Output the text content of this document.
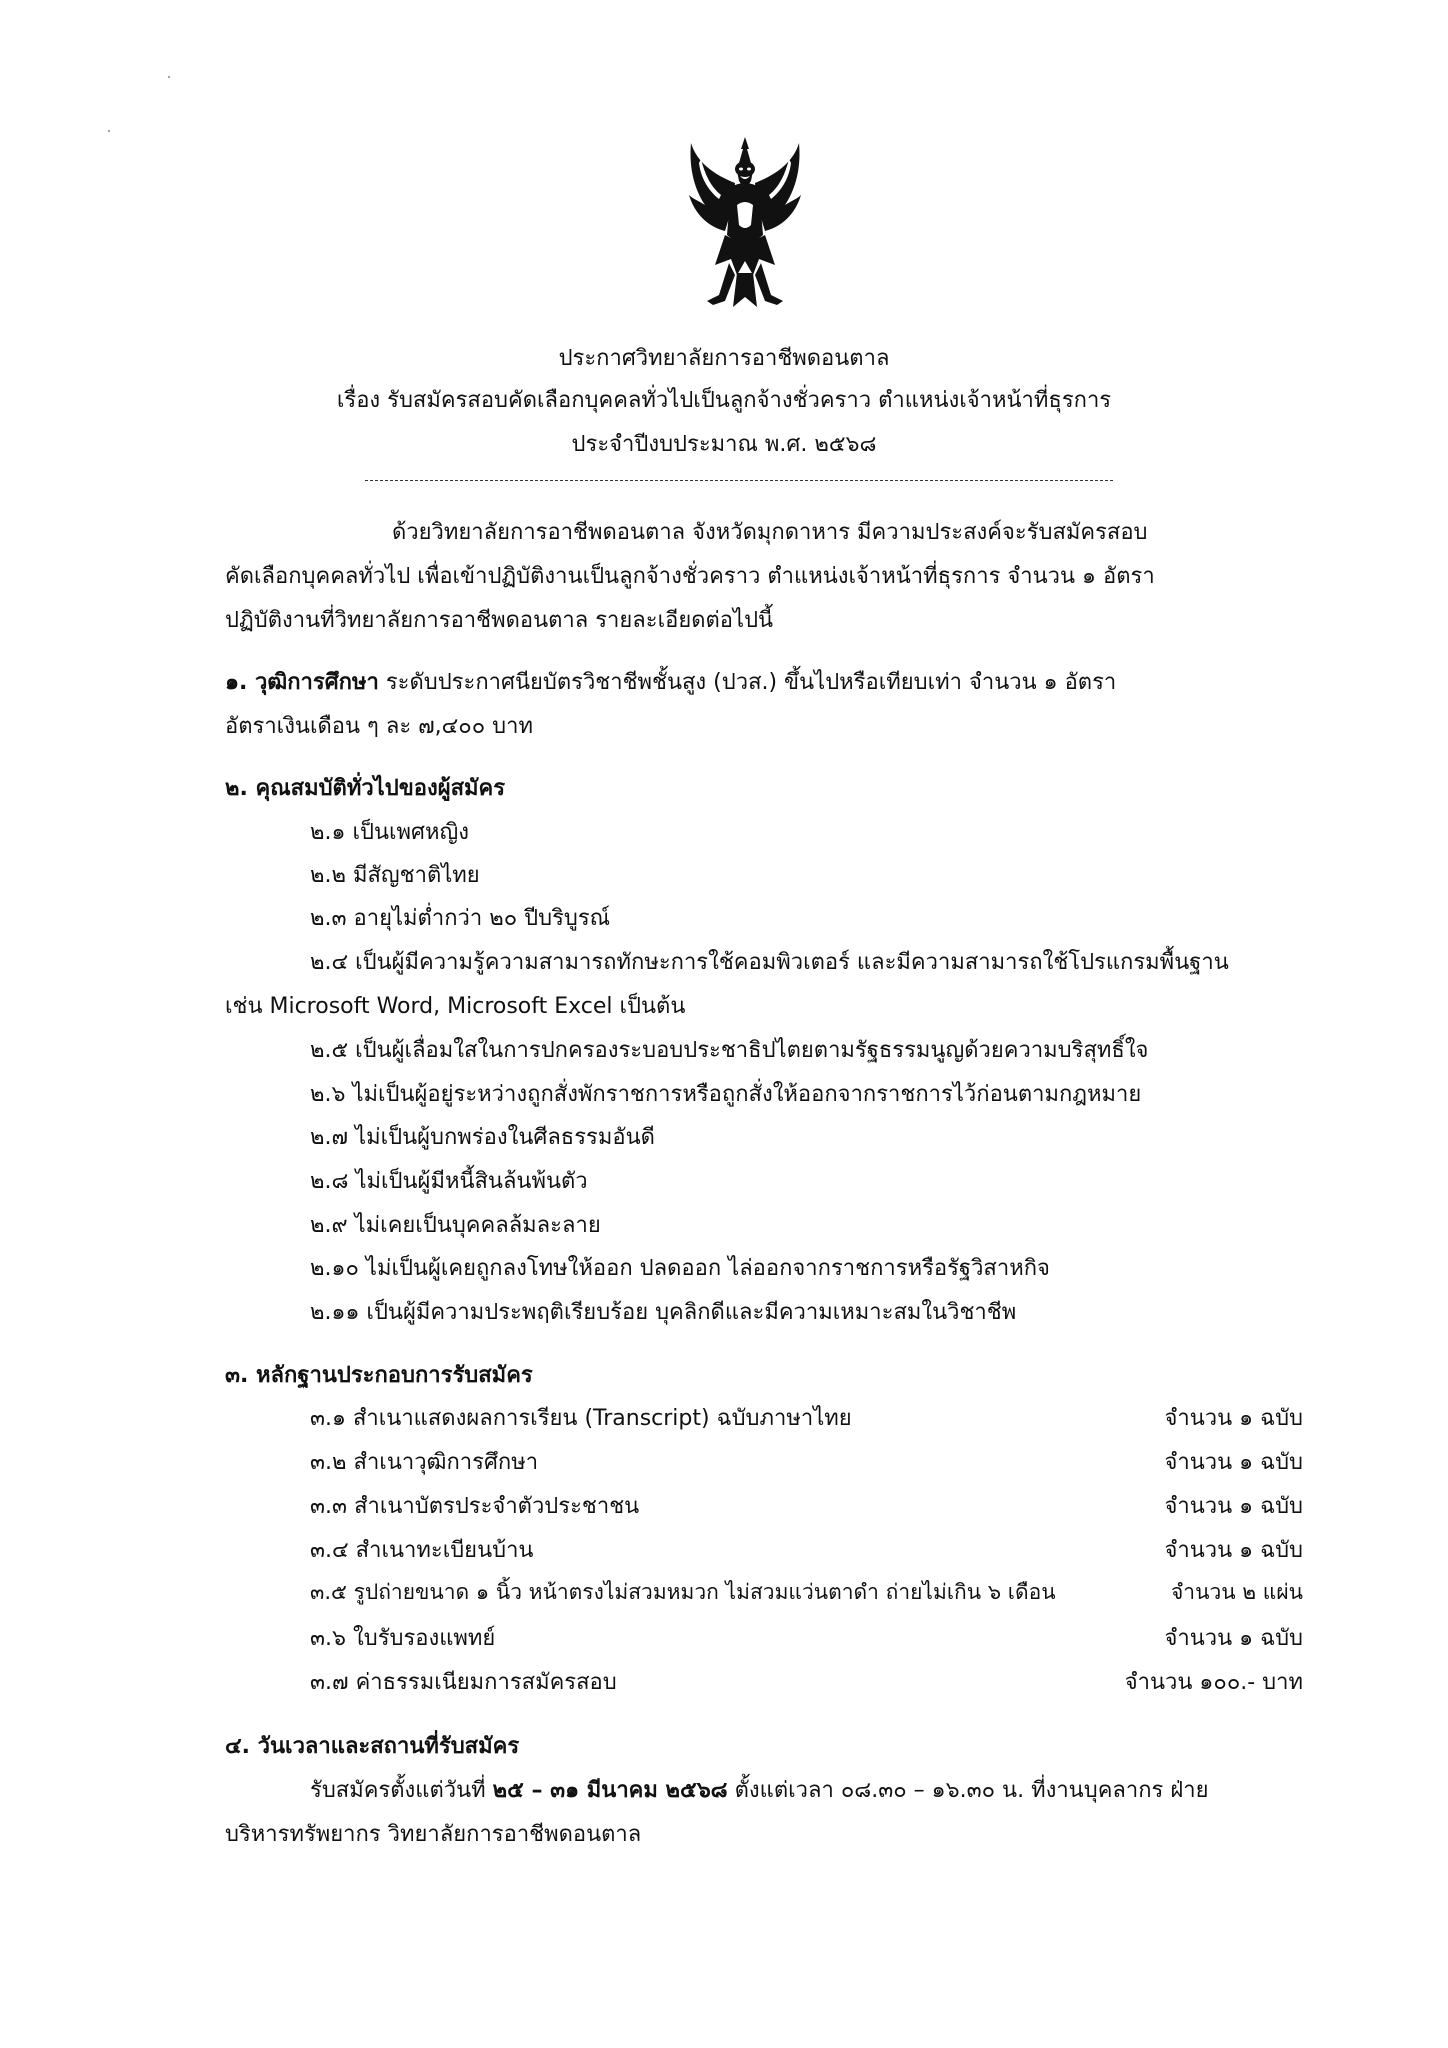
ประกาศวิทยาลัยการอาชีพดอนตาล
เรื่อง รับสมัครสอบคัดเลือกบุคคลทั่วไปเป็นลูกจ้างชั่วคราว ตำแหน่งเจ้าหน้าที่ธุรการ
ประจำปีงบประมาณ พ.ศ. ๒๕๖๘
ด้วยวิทยาลัยการอาชีพดอนตาล จังหวัดมุกดาหาร มีความประสงค์จะรับสมัครสอบ
คัดเลือกบุคคลทั่วไป เพื่อเข้าปฏิบัติงานเป็นลูกจ้างชั่วคราว ตำแหน่งเจ้าหน้าที่ธุรการ จำนวน ๑ อัตรา
ปฏิบัติงานที่วิทยาลัยการอาชีพดอนตาล รายละเอียดต่อไปนี้
๑. วุฒิการศึกษา ระดับประกาศนียบัตรวิชาชีพชั้นสูง (ปวส.) ขึ้นไปหรือเทียบเท่า จำนวน ๑ อัตรา
อัตราเงินเดือน ๆ ละ ๗,๔๐๐ บาท
๒. คุณสมบัติทั่วไปของผู้สมัคร
๒.๑ เป็นเพศหญิง
๒.๒ มีสัญชาติไทย
๒.๓ อายุไม่ต่ำกว่า ๒๐ ปีบริบูรณ์
๒.๔ เป็นผู้มีความรู้ความสามารถทักษะการใช้คอมพิวเตอร์ และมีความสามารถใช้โปรแกรมพื้นฐาน
เช่น Microsoft Word, Microsoft Excel เป็นต้น
๒.๕ เป็นผู้เลื่อมใสในการปกครองระบอบประชาธิปไตยตามรัฐธรรมนูญด้วยความบริสุทธิ์ใจ
๒.๖ ไม่เป็นผู้อยู่ระหว่างถูกสั่งพักราชการหรือถูกสั่งให้ออกจากราชการไว้ก่อนตามกฎหมาย
๒.๗ ไม่เป็นผู้บกพร่องในศีลธรรมอันดี
๒.๘ ไม่เป็นผู้มีหนี้สินล้นพ้นตัว
๒.๙ ไม่เคยเป็นบุคคลล้มละลาย
๒.๑๐ ไม่เป็นผู้เคยถูกลงโทษให้ออก ปลดออก ไล่ออกจากราชการหรือรัฐวิสาหกิจ
๒.๑๑ เป็นผู้มีความประพฤติเรียบร้อย บุคลิกดีและมีความเหมาะสมในวิชาชีพ
๓. หลักฐานประกอบการรับสมัคร
๓.๑ สำเนาแสดงผลการเรียน (Transcript) ฉบับภาษาไทย	จำนวน ๑ ฉบับ
๓.๒ สำเนาวุฒิการศึกษา	จำนวน ๑ ฉบับ
๓.๓ สำเนาบัตรประจำตัวประชาชน	จำนวน ๑ ฉบับ
๓.๔ สำเนาทะเบียนบ้าน	จำนวน ๑ ฉบับ
๓.๕ รูปถ่ายขนาด ๑ นิ้ว หน้าตรงไม่สวมหมวก ไม่สวมแว่นตาดำ ถ่ายไม่เกิน ๖ เดือน	จำนวน ๒ แผ่น
๓.๖ ใบรับรองแพทย์	จำนวน ๑ ฉบับ
๓.๗ ค่าธรรมเนียมการสมัครสอบ	จำนวน ๑๐๐.- บาท
๔. วันเวลาและสถานที่รับสมัคร
รับสมัครตั้งแต่วันที่ ๒๕ – ๓๑ มีนาคม ๒๕๖๘ ตั้งแต่เวลา ๐๘.๓๐ – ๑๖.๓๐ น. ที่งานบุคลากร ฝ่าย
บริหารทรัพยากร วิทยาลัยการอาชีพดอนตาล
